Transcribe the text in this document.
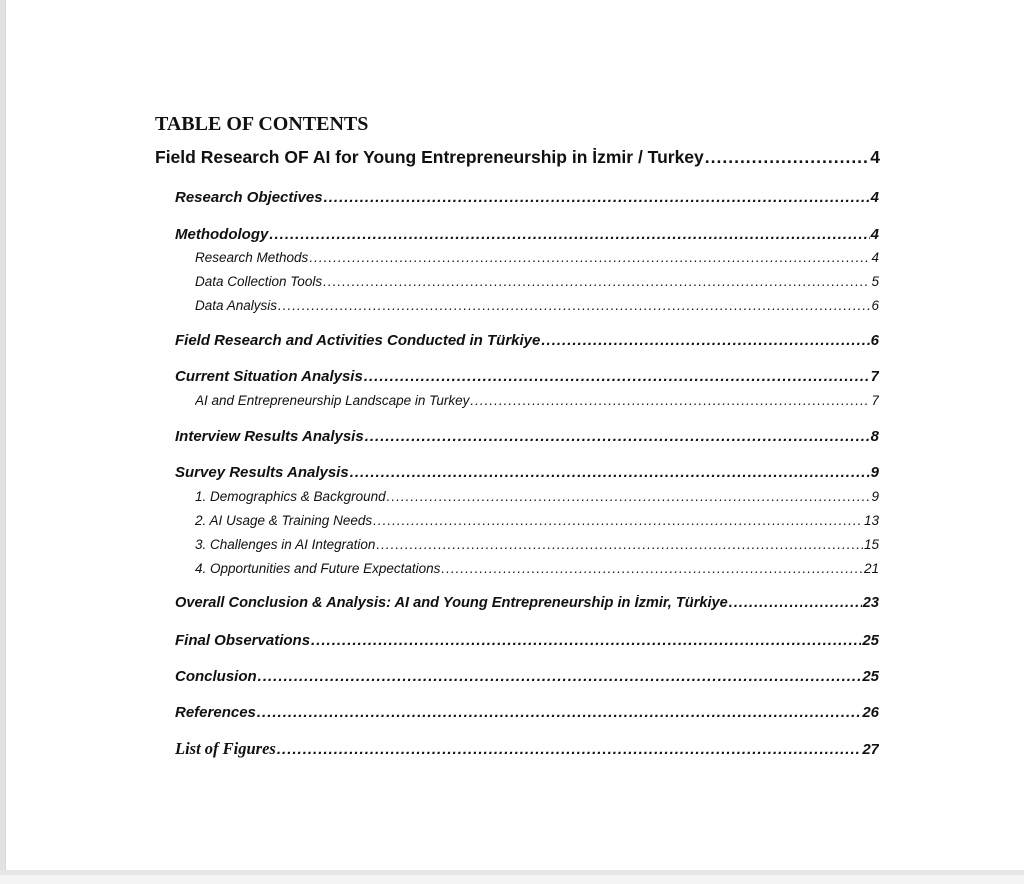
TABLE OF CONTENTS
Field Research OF AI for Young Entrepreneurship in İzmir / Turkey .....	4
Research Objectives .....	4
Methodology .....	4
Research Methods .....	4
Data Collection Tools .....	5
Data Analysis .....	6
Field Research and Activities Conducted in Türkiye .....	6
Current Situation Analysis .....	7
AI and Entrepreneurship Landscape in Turkey .....	7
Interview Results Analysis .....	8
Survey Results Analysis .....	9
1. Demographics & Background .....	9
2. AI Usage & Training Needs .....	13
3. Challenges in AI Integration .....	15
4. Opportunities and Future Expectations .....	21
Overall Conclusion & Analysis: AI and Young Entrepreneurship in İzmir, Türkiye .....	23
Final Observations .....	25
Conclusion .....	25
References .....	26
List of Figures .....	27
